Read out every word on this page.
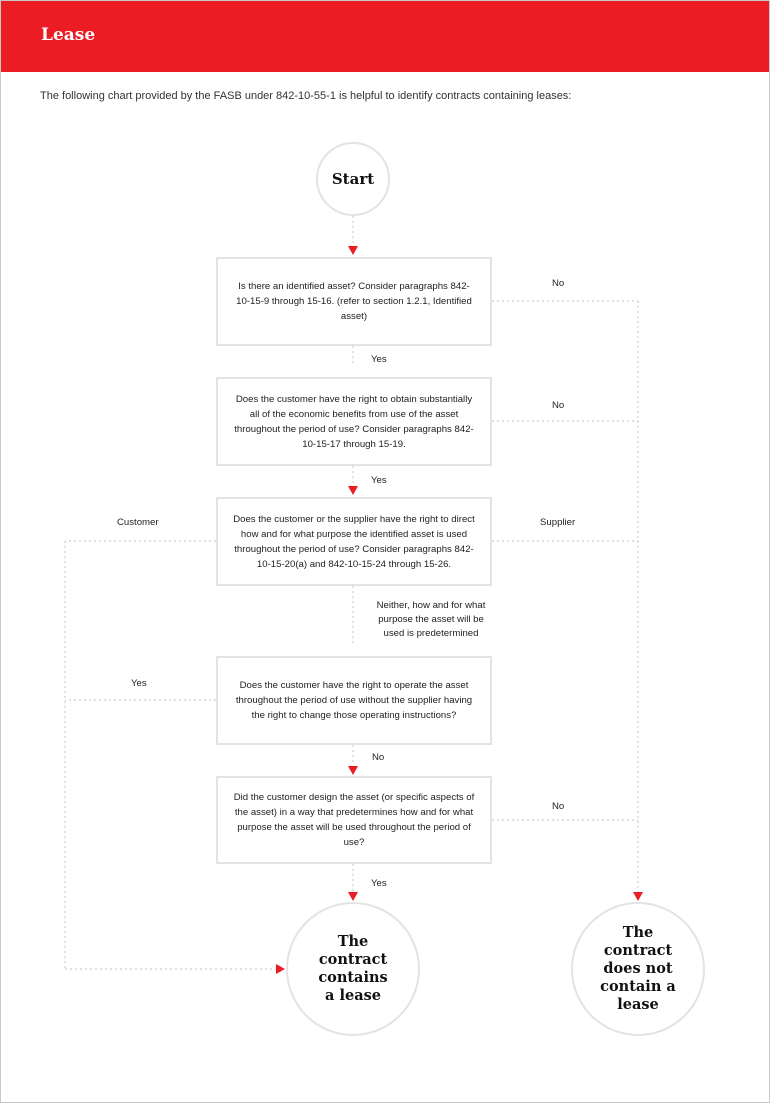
Lease
The following chart provided by the FASB under 842-10-55-1 is helpful to identify contracts containing leases:
Start
Is there an identified asset? Consider paragraphs 842-10-15-9 through 15-16. (refer to section 1.2.1, Identified asset)
Does the customer have the right to obtain substantially all of the economic benefits from use of the asset throughout the period of use? Consider paragraphs 842-10-15-17 through 15-19.
Does the customer or the supplier have the right to direct how and for what purpose the identified asset is used throughout the period of use? Consider paragraphs 842-10-15-20(a) and 842-10-15-24 through 15-26.
Does the customer have the right to operate the asset throughout the period of use without the supplier having the right to change those operating instructions?
Did the customer design the asset (or specific aspects of the asset) in a way that predetermines how and for what purpose the asset will be used throughout the period of use?
No
Yes
No
Yes
Customer	Supplier
Neither, how and for what purpose the asset will be used is predetermined
Yes
No
No
Yes
The contract contains a lease
The contract does not contain a lease
